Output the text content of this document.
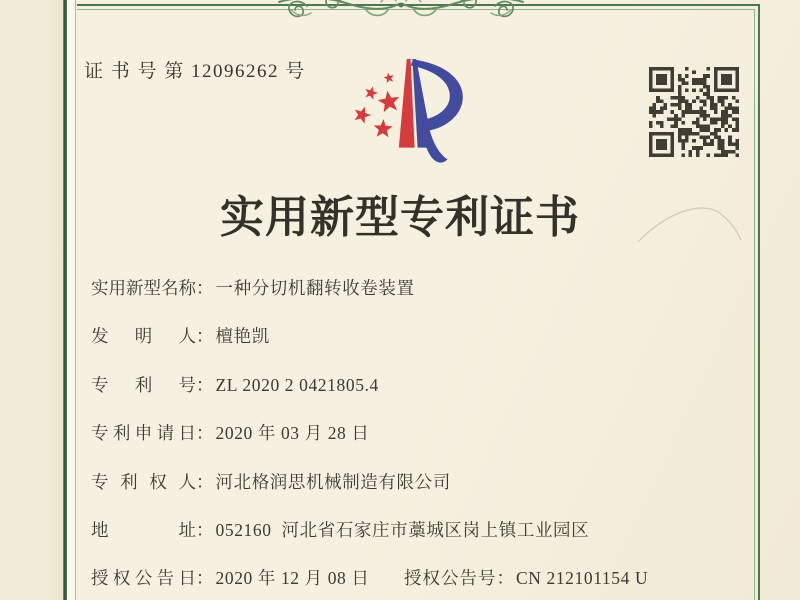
证 书 号 第 12096262 号
实用新型专利证书
实用新型名称： 一种分切机翻转收卷装置
发明人： 檀艳凯
专利号： ZL 2020 2 0421805.4
专利申请日： 2020 年 03 月 28 日
专利权人： 河北格润思机械制造有限公司
地址： 052160  河北省石家庄市藁城区岗上镇工业园区
授权公告日： 2020 年 12 月 08 日	授权公告号： CN 212101154 U
